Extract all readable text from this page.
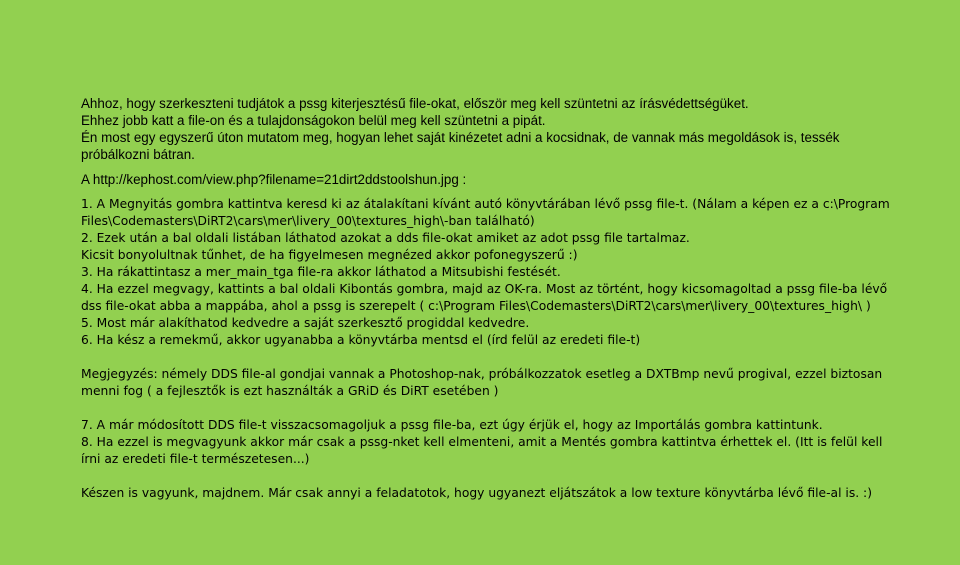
Ahhoz, hogy szerkeszteni tudjátok a pssg kiterjesztésű file-okat, először meg kell szüntetni az írásvédettségüket.

Ehhez jobb katt a file-on és a tulajdonságokon belül meg kell szüntetni a pipát.

Én most egy egyszerű úton mutatom meg, hogyan lehet saját kinézetet adni a kocsidnak, de vannak más megoldások is, tessék próbálkozni bátran.

A http://kephost.com/view.php?filename=21dirt2ddstoolshun.jpg :

1. A Megnyitás gombra kattintva keresd ki az átalakítani kívánt autó könyvtárában lévő pssg file-t. (Nálam a képen ez a c:\Program Files\Codemasters\DiRT2\cars\mer\livery_00\textures_high\-ban található)

2. Ezek után a bal oldali listában láthatod azokat a dds file-okat amiket az adot pssg file tartalmaz.

Kicsit bonyolultnak tűnhet, de ha figyelmesen megnézed akkor pofonegyszerű :)

3. Ha rákattintasz a mer_main_tga file-ra akkor láthatod a Mitsubishi festését.

4. Ha ezzel megvagy, kattints a bal oldali Kibontás gombra, majd az OK-ra. Most az történt, hogy kicsomagoltad a pssg file-ba lévő dss file-okat abba a mappába, ahol a pssg is szerepelt ( c:\Program Files\Codemasters\DiRT2\cars\mer\livery_00\textures_high\ )

5. Most már alakíthatod kedvedre a saját szerkesztő progiddal kedvedre.

6. Ha kész a remekmű, akkor ugyanabba a könyvtárba mentsd el (írd felül az eredeti file-t)

Megjegyzés: némely DDS file-al gondjai vannak a Photoshop-nak, próbálkozzatok esetleg a DXTBmp nevű progival, ezzel biztosan menni fog ( a fejlesztők is ezt használták a GRiD és DiRT esetében )

7. A már módosított DDS file-t visszacsomagoljuk a pssg file-ba, ezt úgy érjük el, hogy az Importálás gombra kattintunk.

8. Ha ezzel is megvagyunk akkor már csak a pssg-nket kell elmenteni, amit a Mentés gombra kattintva érhettek el. (Itt is felül kell írni az eredeti file-t természetesen...)

Készen is vagyunk, majdnem. Már csak annyi a feladatotok, hogy ugyanezt eljátszátok a low texture könyvtárba lévő file-al is. :)
